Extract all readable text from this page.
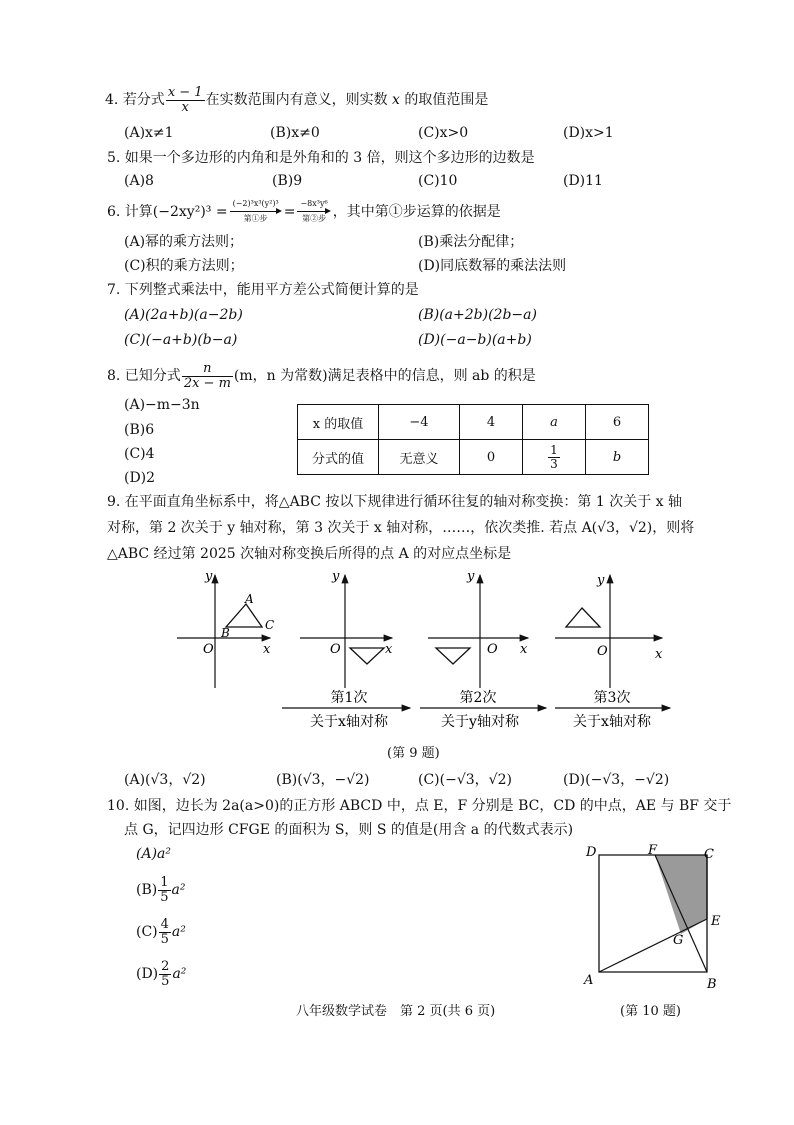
4. 若分式 $\frac{x - 1}{x}$ 在实数范围内有意义，则实数 x 的取值范围是
(A)x≠1	(B)x≠0	(C)x>0	(D)x>1
5. 如果一个多边形的内角和是外角和的 3 倍，则这个多边形的边数是
(A)8	(B)9	(C)10	(D)11
6. 计算(−2xy²)³ =
(−2)³x³(y²)³
第①步	=
−8x³y⁶
第②步 ，其中第①步运算的依据是
(A)幂的乘方法则；	(B)乘法分配律；
(C)积的乘方法则；	(D)同底数幂的乘法法则
7. 下列整式乘法中，能用平方差公式简便计算的是
(A)(2a+b)(a−2b)	(B)(a+2b)(2b−a)
(C)(−a+b)(b−a)	(D)(−a−b)(a+b)
8. 已知分式 $\frac{n}{2x - m} (m$，n 为常数)满足表格中的信息，则 ab 的积是
(A)−m−3n
(B)6
(C)4
(D)2
x 的取值	−4	4	a	6
分式的值	无意义	0	$\frac{1}{3}$	b
9. 在平面直角坐标系中，将△ABC 按以下规律进行循环往复的轴对称变换：第 1 次关于 x 轴
对称，第 2 次关于 y 轴对称，第 3 次关于 x 轴对称，……，依次类推. 若点 A(√3，√2)，则将
△ABC 经过第 2025 次轴对称变换后所得的点 A 的对应点坐标是
y
x
O
A
B
C
y
x
O
y
x
O
y
x
O
第1次
关于x轴对称
第2次
关于y轴对称
第3次
关于x轴对称
(第 9 题)
(A)(√3，√2)	(B)(√3，−√2)	(C)(−√3，√2)	(D)(−√3，−√2)
10. 如图，边长为 2a(a>0)的正方形 ABCD 中，点 E，F 分别是 BC，CD 的中点，AE 与 BF 交于
点 G，记四边形 CFGE 的面积为 S，则 S 的值是(用含 a 的代数式表示)
(A)a²
$(B) \frac{1}{5} a^2$
$(C) \frac{4}{5} a^2$
$(D) \frac{2}{5} a^2$
D	F	C
E
G
A	B
(第 10 题)
八年级数学试卷　第 2 页(共 6 页)
